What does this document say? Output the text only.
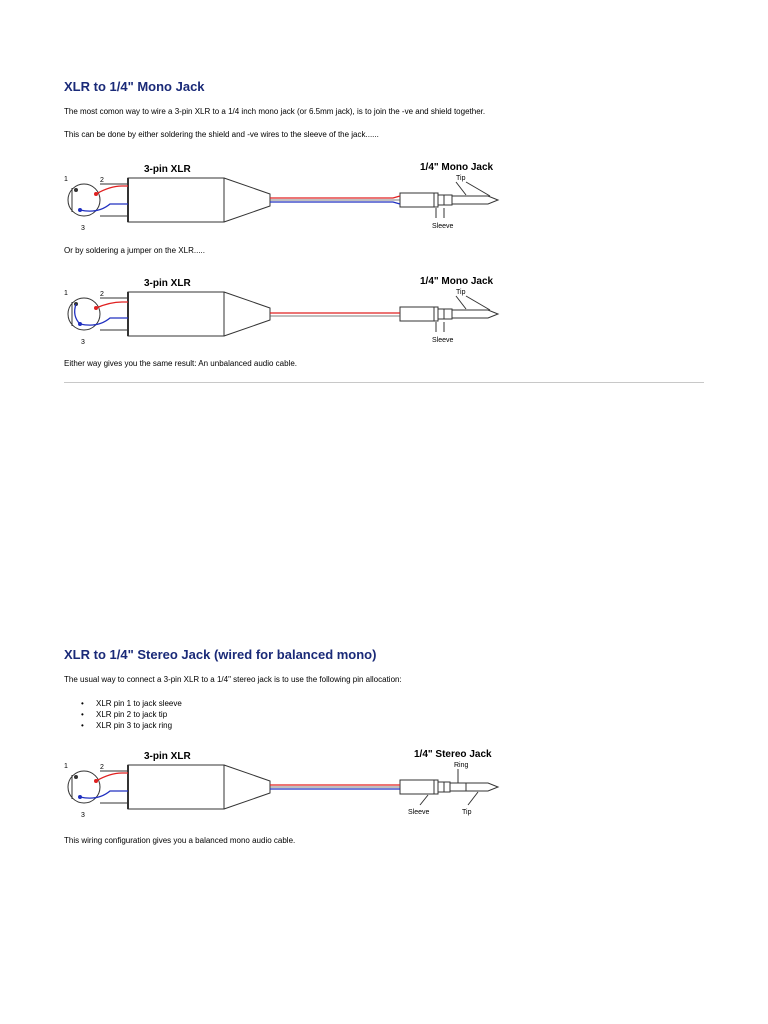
XLR to 1/4" Mono Jack

The most comon way to wire a 3-pin XLR to a 1/4 inch mono jack (or 6.5mm jack), is to join the -ve and shield together.

This can be done by either soldering the shield and -ve wires to the sleeve of the jack......

1	2
3
3-pin XLR	1/4" Mono Jack
Tip
Sleeve

Or by soldering a jumper on the XLR.....

1	2
3
3-pin XLR	1/4" Mono Jack
Tip
Sleeve

Either way gives you the same result: An unbalanced audio cable.

XLR to 1/4" Stereo Jack (wired for balanced mono)

The usual way to connect a 3-pin XLR to a 1/4" stereo jack is to use the following pin allocation:

• XLR pin 1 to jack sleeve
• XLR pin 2 to jack tip
• XLR pin 3 to jack ring
1	2
3
3-pin XLR	1/4" Stereo Jack
Ring
Sleeve	Tip

This wiring configuration gives you a balanced mono audio cable.
